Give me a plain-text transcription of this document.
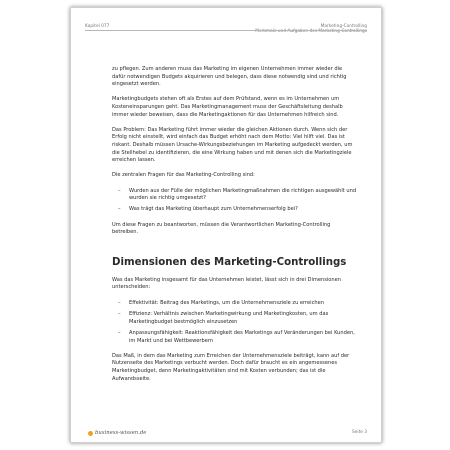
Kapitel 077	Marketing-Controlling
Merkmale und Aufgaben des Marketing-Controllings

zu pflegen. Zum anderen muss das Marketing im eigenen Unternehmen immer wieder die dafür notwendigen Budgets akquirieren und belegen, dass diese notwendig sind und richtig eingesetzt werden.

Marketingbudgets stehen oft als Erstes auf dem Prüfstand, wenn es im Unternehmen um Kosteneinsparungen geht. Das Marketingmanagement muss der Geschäftsleitung deshalb immer wieder beweisen, dass die Marketingaktionen für das Unternehmen hilfreich sind.

Das Problem: Das Marketing führt immer wieder die gleichen Aktionen durch. Wenn sich der Erfolg nicht einstellt, wird einfach das Budget erhöht nach dem Motto: Viel hilft viel. Das ist riskant. Deshalb müssen Ursache-Wirkungsbeziehungen im Marketing aufgedeckt werden, um die Stellhebel zu identifizieren, die eine Wirkung haben und mit denen sich die Marketingziele erreichen lassen.

Die zentralen Fragen für das Marketing-Controlling sind:

– Wurden aus der Fülle der möglichen Marketingmaßnahmen die richtigen ausgewählt und wurden sie richtig umgesetzt?
– Was trägt das Marketing überhaupt zum Unternehmenserfolg bei?

Um diese Fragen zu beantworten, müssen die Verantwortlichen Marketing-Controlling betreiben.

Dimensionen des Marketing-Controllings

Was das Marketing insgesamt für das Unternehmen leistet, lässt sich in drei Dimensionen unterscheiden:

– Effektivität: Beitrag des Marketings, um die Unternehmensziele zu erreichen
– Effizienz: Verhältnis zwischen Marketingwirkung und Marketingkosten, um das Marketingbudget bestmöglich einzusetzen
– Anpassungsfähigkeit: Reaktionsfähigkeit des Marketings auf Veränderungen bei Kunden, im Markt und bei Wettbewerbern

Das Maß, in dem das Marketing zum Erreichen der Unternehmensziele beiträgt, kann auf der Nutzenseite des Marketings verbucht werden. Doch dafür braucht es ein angemessenes Marketingbudget, denn Marketingaktivitäten sind mit Kosten verbunden; das ist die Aufwandsseite.

business-wissen.de	Seite 3
